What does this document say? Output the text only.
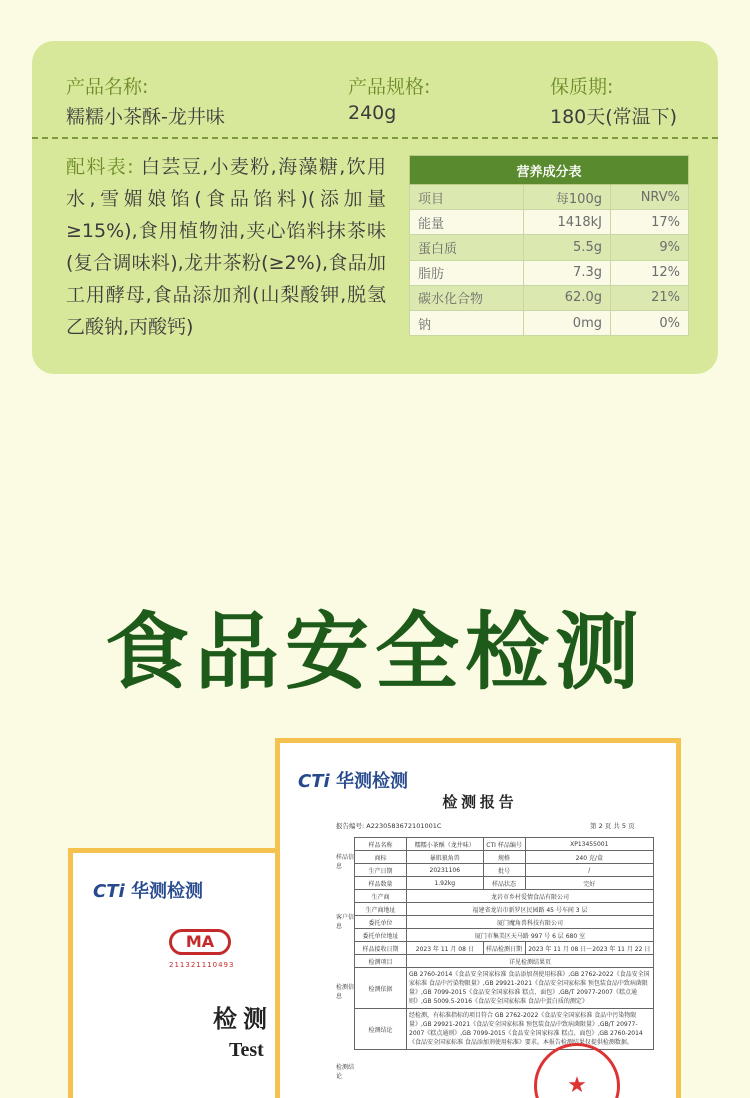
产品名称:
糯糯小茶酥-龙井味
产品规格:
240g
保质期:
180天(常温下)
配料表: 白芸豆,小麦粉,海藻糖,饮用水,雪媚娘馅(食品馅料)(添加量≥15%),食用植物油,夹心馅料抹茶味(复合调味料),龙井茶粉(≥2%),食品加工用酵母,食品添加剂(山梨酸钾,脱氢乙酸钠,丙酸钙)
营养成分表		
项目	每100g	NRV%
能量	1418kJ	17%
蛋白质	5.5g	9%
脂肪	7.3g	12%
碳水化合物	62.0g	21%
钠	0mg	0%
食品安全检测
CTi 华测检测
MA
211321110493
检 测
Test
CTi 华测检测
检 测 报 告
报告编号: A2230583672101001C	第 2 页 共 5 页
样品信息
客户信息
检测信息
检测结论
样品名称	糯糯小茶酥（龙井味）	CTI 样品编号	XP13455001
商标	暴肌狼角兽	规格	240 克/盒
生产日期	20231106	批号	/
样品数量	1.92kg	样品状态	完好
生产商	龙岩市乡村爱情食品有限公司		
生产商地址	福建省龙岩市新罗区民园路 45 号车间 3 层		
委托单位	厦门魔角兽科技有限公司		
委托单位地址	厦门市集美区天马路 997 号 6 层 680 室		
样品接收日期	2023 年 11 月 08 日	样品检测日期	2023 年 11 月 08 日～2023 年 11 月 22 日
检测项目	详见检测结果页		
检测依据	GB 2760-2014《食品安全国家标准 食品添加剂使用标准》,GB 2762-2022《食品安全国家标准 食品中污染物限量》,GB 29921-2021《食品安全国家标准 预包装食品中致病菌限量》,GB 7099-2015《食品安全国家标准 糕点、面包》,GB/T 20977-2007《糕点通则》,GB 5009.5-2016《食品安全国家标准 食品中蛋白质的测定》		
检测结论	经检测，有标准指标的项目符合 GB 2762-2022《食品安全国家标准 食品中污染物限量》,GB 29921-2021《食品安全国家标准 预包装食品中致病菌限量》,GB/T 20977-2007《糕点通则》,GB 7099-2015《食品安全国家标准 糕点、面包》,GB 2760-2014《食品安全国家标准 食品添加剂使用标准》要求。本报告检测结果仅提供检测数据。		
★
